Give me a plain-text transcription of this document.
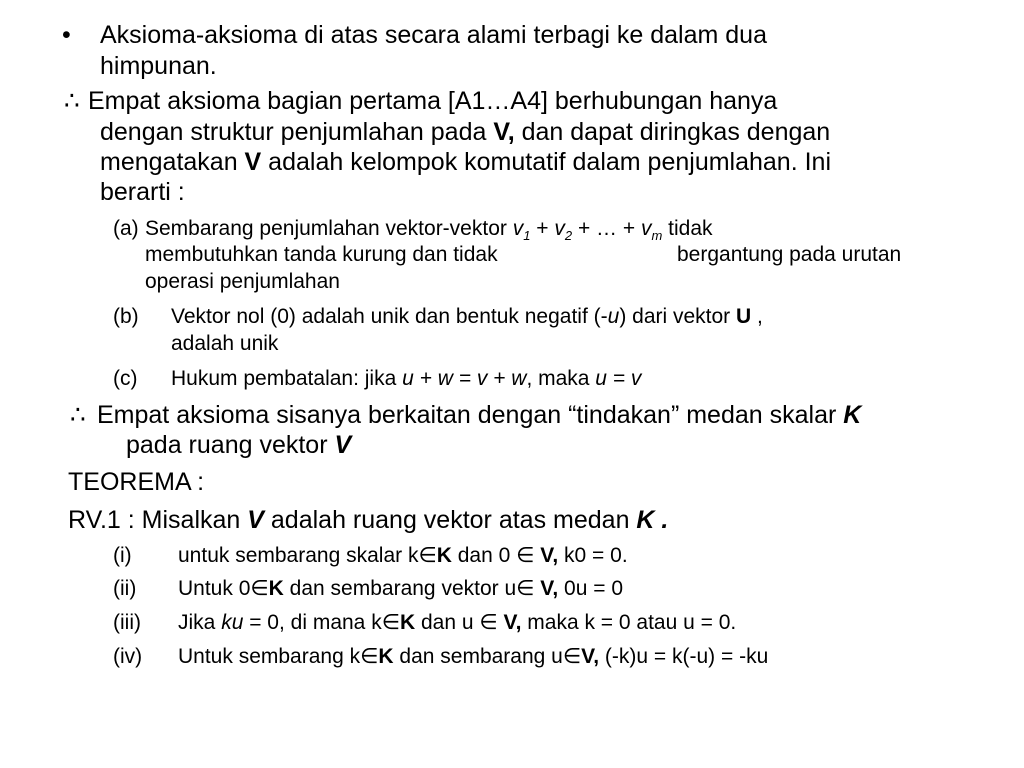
• Aksioma-aksioma di atas secara alami terbagi ke dalam dua
himpunan.
∴ Empat aksioma bagian pertama [A1…A4] berhubungan hanya
dengan struktur penjumlahan pada V, dan dapat diringkas dengan
mengatakan V adalah kelompok komutatif dalam penjumlahan. Ini
berarti :
(a) Sembarang penjumlahan vektor-vektor $v_1 + v_2$ + … + $v_m$ tidak
membutuhkan tanda kurung dan tidak	bergantung pada urutan
operasi penjumlahan
(b) Vektor nol (0) adalah unik dan bentuk negatif (-u) dari vektor U ,
adalah unik
(c) Hukum pembatalan: jika u + w = v + w, maka u = v
∴ Empat aksioma sisanya berkaitan dengan “tindakan” medan skalar K
pada ruang vektor V
TEOREMA :
RV.1 : Misalkan V adalah ruang vektor atas medan K .
(i) untuk sembarang skalar k∈K dan 0 ∈ V, k0 = 0.
(ii) Untuk 0∈K dan sembarang vektor u∈ V, 0u = 0
(iii) Jika ku = 0, di mana k∈K dan u ∈ V, maka k = 0 atau u = 0.
(iv) Untuk sembarang k∈K dan sembarang u∈V, (-k)u = k(-u) = -ku
